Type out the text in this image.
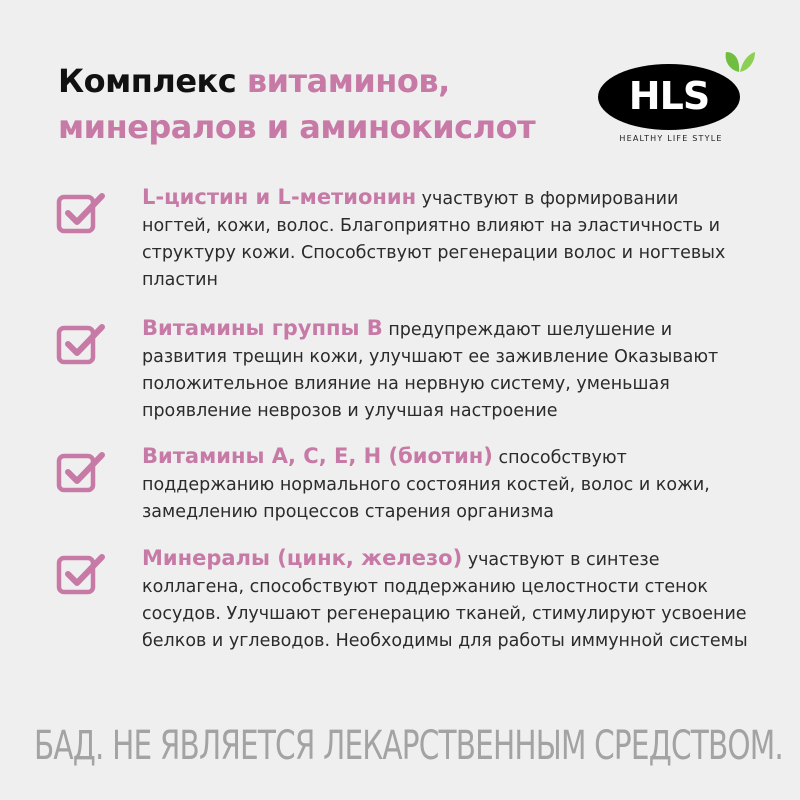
Комплекс витаминов,
минералов и аминокислот
HLS
HEALTHY LIFE STYLE
L-цистин и L-метионин участвуют в формировании ногтей, кожи, волос. Благоприятно влияют на эластичность и структуру кожи. Способствуют регенерации волос и ногтевых пластин
Витамины группы В предупреждают шелушение и развития трещин кожи, улучшают ее заживление Оказывают положительное влияние на нервную систему, уменьшая проявление неврозов и улучшая настроение
Витамины А, С, Е, Н (биотин) способствуют поддержанию нормального состояния костей, волос и кожи, замедлению процессов старения организма
Минералы (цинк, железо) участвуют в синтезе коллагена, способствуют поддержанию целостности стенок сосудов. Улучшают регенерацию тканей, стимулируют усвоение белков и углеводов. Необходимы для работы иммунной системы
БАД. НЕ ЯВЛЯЕТСЯ ЛЕКАРСТВЕННЫМ СРЕДСТВОМ.
